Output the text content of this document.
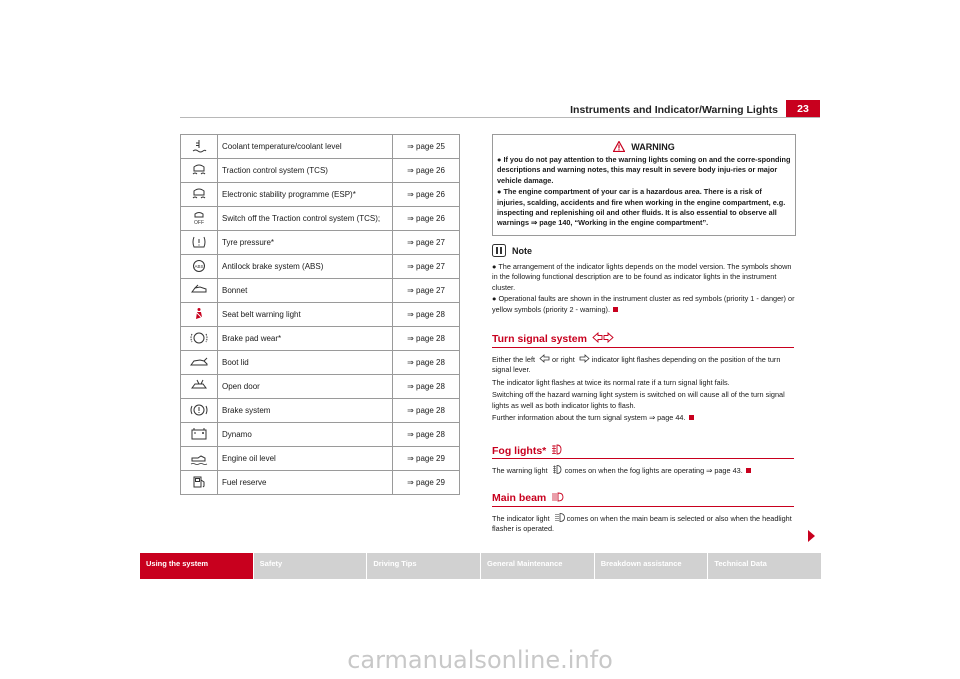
Instruments and Indicator/Warning Lights	23
	Coolant temperature/coolant level	⇒ page 25
	Traction control system (TCS)	⇒ page 26
	Electronic stability programme (ESP)*	⇒ page 26

OFF	Switch off the Traction control system (TCS);	⇒ page 26
	Tyre pressure*	⇒ page 27

ABS	Antilock brake system (ABS)	⇒ page 27
	Bonnet	⇒ page 27
	Seat belt warning light	⇒ page 28
	Brake pad wear*	⇒ page 28
	Boot lid	⇒ page 28
	Open door	⇒ page 28
	Brake system	⇒ page 28
	Dynamo	⇒ page 28
	Engine oil level	⇒ page 29
	Fuel reserve	⇒ page 29
WARNING

● If you do not pay attention to the warning lights coming on and the corre-sponding descriptions and warning notes, this may result in severe body inju-ries or major vehicle damage.

● The engine compartment of your car is a hazardous area. There is a risk of injuries, scalding, accidents and fire when working in the engine compartment, e.g. inspecting and replenishing oil and other fluids. It is also essential to observe all warnings ⇒ page 140, “Working in the engine compartment”.

Note

● The arrangement of the indicator lights depends on the model version. The symbols shown in the following functional description are to be found as indicator lights in the instrument cluster.

● Operational faults are shown in the instrument cluster as red symbols (priority 1 - danger) or yellow symbols (priority 2 - warning).

Turn signal system

Either the left or right indicator light flashes depending on the position of the turn signal lever.

The indicator light flashes at twice its normal rate if a turn signal light fails.

Switching off the hazard warning light system is switched on will cause all of the turn signal lights as well as both indicator lights to flash.

Further information about the turn signal system ⇒ page 44.

Fog lights*

The warning light comes on when the fog lights are operating ⇒ page 43.

Main beam

The indicator light comes on when the main beam is selected or also when the headlight flasher is operated.

Using the system	Safety	Driving Tips	General Maintenance	Breakdown assistance	Technical Data
carmanualsonline.info
